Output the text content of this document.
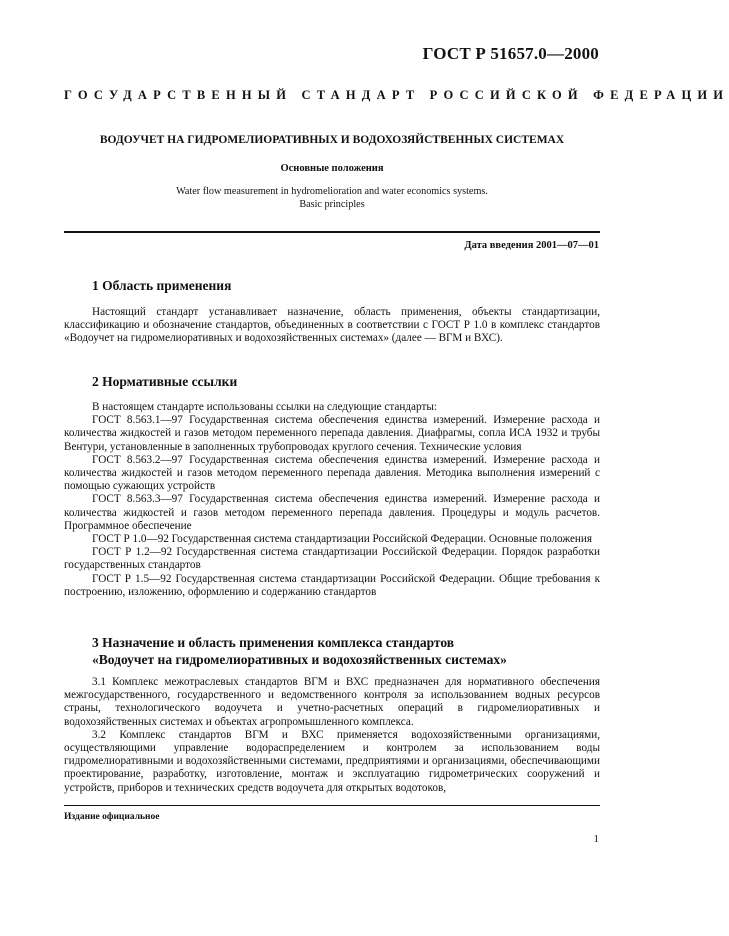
ГОСТ Р 51657.0—2000
ГОСУДАРСТВЕННЫЙ СТАНДАРТ РОССИЙСКОЙ ФЕДЕРАЦИИ
ВОДОУЧЕТ НА ГИДРОМЕЛИОРАТИВНЫХ И ВОДОХОЗЯЙСТВЕННЫХ СИСТЕМАХ
Основные положения
Water flow measurement in hydromelioration and water economics systems.
Basic principles
Дата введения 2001—07—01
1 Область применения

Настоящий стандарт устанавливает назначение, область применения, объекты стандартизации, классификацию и обозначение стандартов, объединенных в соответствии с ГОСТ Р 1.0 в комплекс стандартов «Водоучет на гидромелиоративных и водохозяйственных системах» (далее — ВГМ и ВХС).

2 Нормативные ссылки

В настоящем стандарте использованы ссылки на следующие стандарты:

ГОСТ 8.563.1—97 Государственная система обеспечения единства измерений. Измерение расхода и количества жидкостей и газов методом переменного перепада давления. Диафрагмы, сопла ИСА 1932 и трубы Вентури, установленные в заполненных трубопроводах круглого сечения. Технические условия

ГОСТ 8.563.2—97 Государственная система обеспечения единства измерений. Измерение расхода и количества жидкостей и газов методом переменного перепада давления. Методика выполнения измерений с помощью сужающих устройств

ГОСТ 8.563.3—97 Государственная система обеспечения единства измерений. Измерение расхода и количества жидкостей и газов методом переменного перепада давления. Процедуры и модуль расчетов. Программное обеспечение

ГОСТ Р 1.0—92 Государственная система стандартизации Российской Федерации. Основные положения

ГОСТ Р 1.2—92 Государственная система стандартизации Российской Федерации. Порядок разработки государственных стандартов

ГОСТ Р 1.5—92 Государственная система стандартизации Российской Федерации. Общие требования к построению, изложению, оформлению и содержанию стандартов

3 Назначение и область применения комплекса стандартов
«Водоучет на гидромелиоративных и водохозяйственных системах»

3.1 Комплекс межотраслевых стандартов ВГМ и ВХС предназначен для нормативного обеспечения межгосударственного, государственного и ведомственного контроля за использованием водных ресурсов страны, технологического водоучета и учетно-расчетных операций в гидромелиоративных и водохозяйственных системах и объектах агропромышленного комплекса.

3.2 Комплекс стандартов ВГМ и ВХС применяется водохозяйственными организациями, осуществляющими управление водораспределением и контролем за использованием воды гидромелиоративными и водохозяйственными системами, предприятиями и организациями, обеспечивающими проектирование, разработку, изготовление, монтаж и эксплуатацию гидрометрических сооружений и устройств, приборов и технических средств водоучета для открытых водотоков,

Издание официальное
1
